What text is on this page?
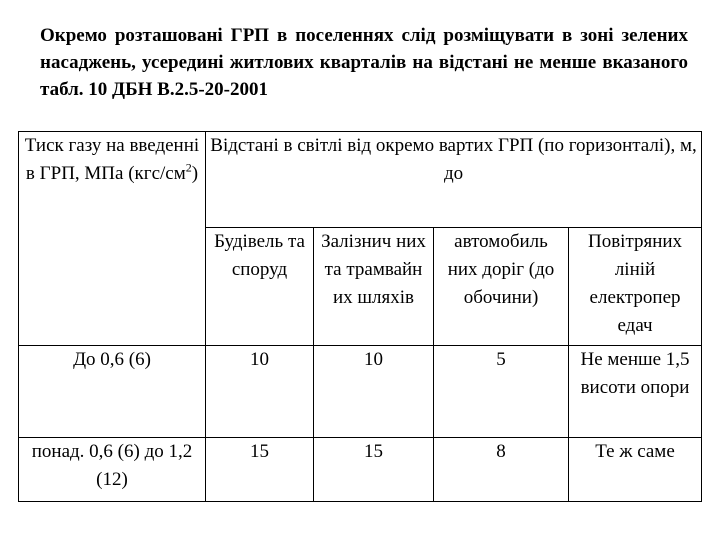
Окремо розташовані ГРП в поселеннях слід розміщувати в зоні зелених насаджень, усередині житлових кварталів на відстані не менше вказаного табл. 10 ДБН В.2.5-20-2001
Тиск газу на введенні в ГРП, МПа $(кгс/см^2)$	Відстані в світлі від окремо вартих ГРП (по горизонталі), м, до			
	Будівель та споруд	Залізнич них та трамвайн их шляхів	автомобиль них доріг (до обочини)	Повітряних ліній електропер едач
До 0,6 (6)	10	10	5	Не менше 1,5 висоти опори
понад. 0,6 (6) до 1,2 (12)	15	15	8	Те ж саме
